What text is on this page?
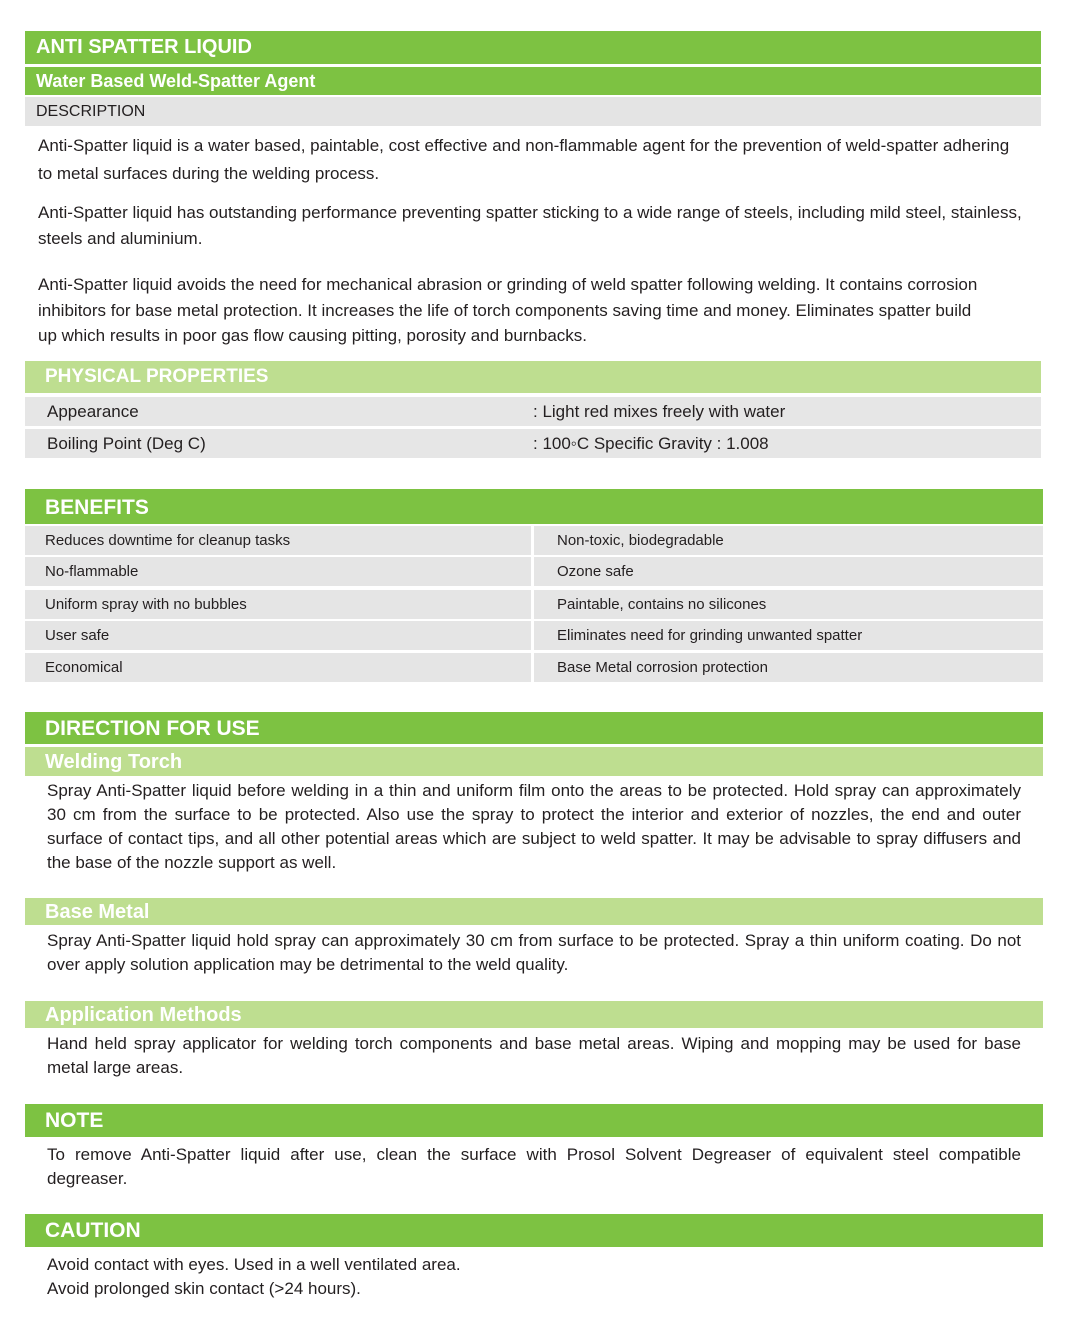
ANTI SPATTER LIQUID
Water Based Weld-Spatter Agent
DESCRIPTION
Anti-Spatter liquid is a water based, paintable, cost effective and non-flammable agent for the prevention of weld-spatter adhering to metal surfaces during the welding process.
Anti-Spatter liquid has outstanding performance preventing spatter sticking to a wide range of steels, including mild steel, stainless, steels and aluminium.
Anti-Spatter liquid avoids the need for mechanical abrasion or grinding of weld spatter following welding. It contains corrosion inhibitors for base metal protection. It increases the life of torch components saving time and money. Eliminates spatter build up which results in poor gas flow causing pitting, porosity and burnbacks.
PHYSICAL PROPERTIES
Appearance	: Light red mixes freely with water
Boiling Point (Deg C)	: 100◦C Specific Gravity : 1.008
BENEFITS
Reduces downtime for cleanup tasks	Non-toxic, biodegradable
No-flammable	Ozone safe
Uniform spray with no bubbles	Paintable, contains no silicones
User safe	Eliminates need for grinding unwanted spatter
Economical	Base Metal corrosion protection
DIRECTION FOR USE
Welding Torch
Spray Anti-Spatter liquid before welding in a thin and uniform film onto the areas to be protected. Hold spray can approximately 30 cm from the surface to be protected. Also use the spray to protect the interior and exterior of nozzles, the end and outer surface of contact tips, and all other potential areas which are subject to weld spatter. It may be advisable to spray diffusers and the base of the nozzle support as well.
Base Metal
Spray Anti-Spatter liquid hold spray can approximately 30 cm from surface to be protected. Spray a thin uniform coating. Do not over apply solution application may be detrimental to the weld quality.
Application Methods
Hand held spray applicator for welding torch components and base metal areas. Wiping and mopping may be used for base metal large areas.
NOTE
To remove Anti-Spatter liquid after use, clean the surface with Prosol Solvent Degreaser of equivalent steel compatible degreaser.
CAUTION
Avoid contact with eyes. Used in a well ventilated area.
Avoid prolonged skin contact (>24 hours).
